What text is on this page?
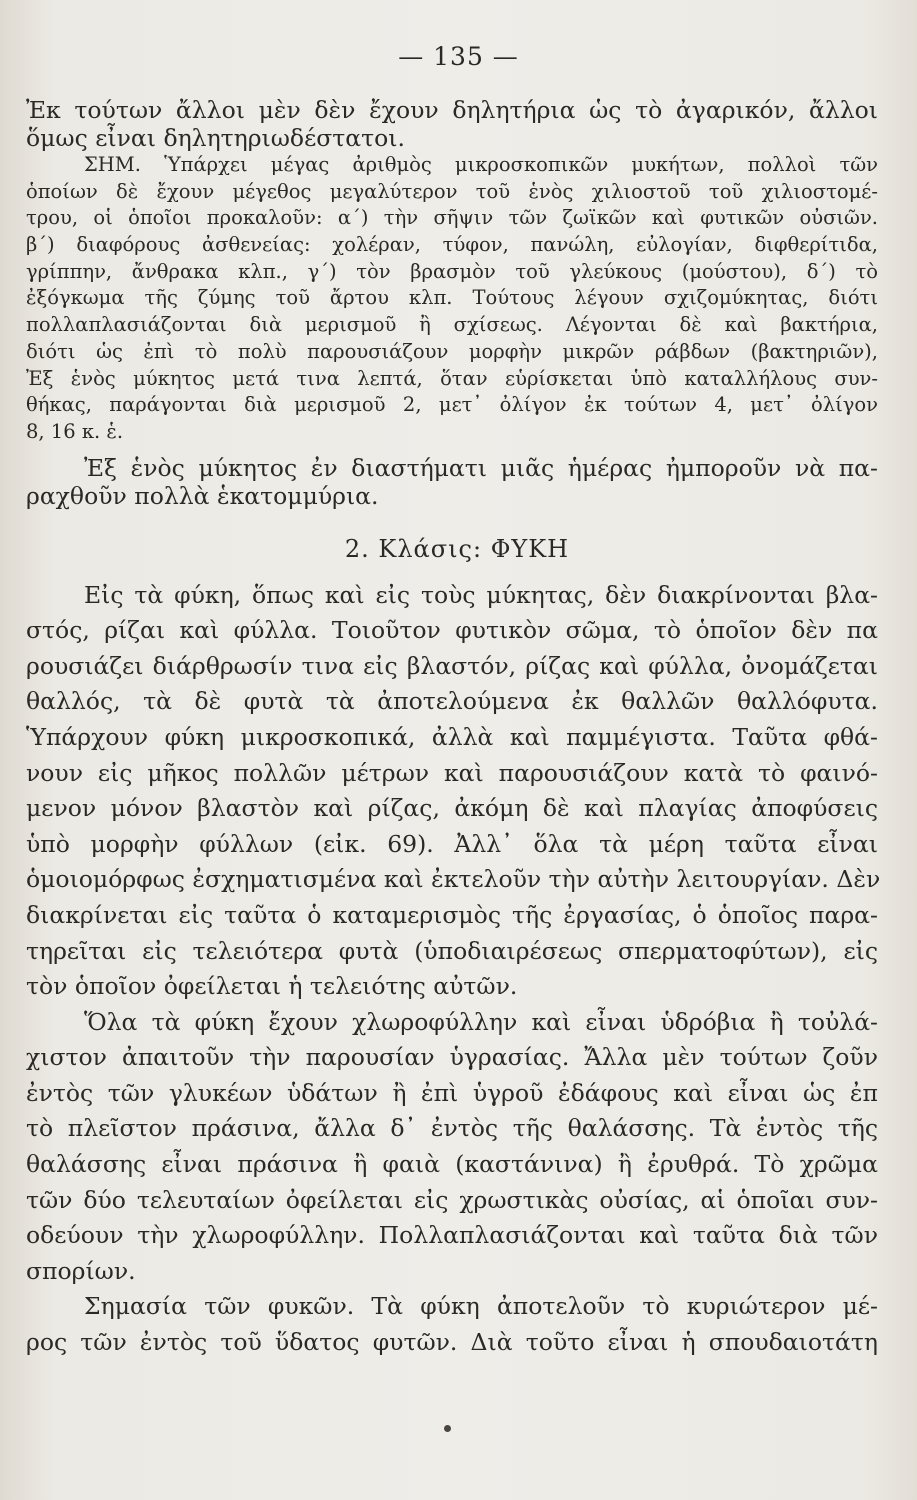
— 135 —
Ἐκ τούτων ἄλλοι μὲν δὲν ἔχουν δηλητήρια ὡς τὸ ἀγαρικόν, ἄλλοι
ὅμως εἶναι δηλητηριωδέστατοι.
ΣΗΜ. Ὑπάρχει μέγας ἀριθμὸς μικροσκοπικῶν μυκήτων, πολλοὶ τῶν
ὁποίων δὲ ἔχουν μέγεθος μεγαλύτερον τοῦ ἑνὸς χιλιοστοῦ τοῦ χιλιοστομέ-
τρου, οἱ ὁποῖοι προκαλοῦν: α΄) τὴν σῆψιν τῶν ζωϊκῶν καὶ φυτικῶν οὐσιῶν.
β΄) διαφόρους ἀσθενείας: χολέραν, τύφον, πανώλη, εὐλογίαν, διφθερίτιδα,
γρίππην, ἄνθρακα κλπ., γ΄) τὸν βρασμὸν τοῦ γλεύκους (μούστου), δ΄) τὸ
ἐξόγκωμα τῆς ζύμης τοῦ ἄρτου κλπ. Τούτους λέγουν σχιζομύκητας, διότι
πολλαπλασιάζονται διὰ μερισμοῦ ἢ σχίσεως. Λέγονται δὲ καὶ βακτήρια,
διότι ὡς ἐπὶ τὸ πολὺ παρουσιάζουν μορφὴν μικρῶν ράβδων (βακτηριῶν),
Ἐξ ἑνὸς μύκητος μετά τινα λεπτά, ὅταν εὑρίσκεται ὑπὸ καταλλήλους συν-
θήκας, παράγονται διὰ μερισμοῦ 2, μετ᾽ ὀλίγον ἐκ τούτων 4, μετ᾽ ὀλίγον
8, 16 κ. ἑ.
Ἐξ ἑνὸς μύκητος ἐν διαστήματι μιᾶς ἡμέρας ἠμποροῦν νὰ πα-
ραχθοῦν πολλὰ ἑκατομμύρια.
2. Κλάσις: ΦΥΚΗ
Εἰς τὰ φύκη, ὅπως καὶ εἰς τοὺς μύκητας, δὲν διακρίνονται βλα-
στός, ρίζαι καὶ φύλλα. Τοιοῦτον φυτικὸν σῶμα, τὸ ὁποῖον δὲν πα
ρουσιάζει διάρθρωσίν τινα εἰς βλαστόν, ρίζας καὶ φύλλα, ὀνομάζεται
θαλλός, τὰ δὲ φυτὰ τὰ ἀποτελούμενα ἐκ θαλλῶν θαλλόφυτα.
Ὑπάρχουν φύκη μικροσκοπικά, ἀλλὰ καὶ παμμέγιστα. Ταῦτα φθά-
νουν εἰς μῆκος πολλῶν μέτρων καὶ παρουσιάζουν κατὰ τὸ φαινό-
μενον μόνον βλαστὸν καὶ ρίζας, ἀκόμη δὲ καὶ πλαγίας ἀποφύσεις
ὑπὸ μορφὴν φύλλων (εἰκ. 69). Ἀλλ᾽ ὅλα τὰ μέρη ταῦτα εἶναι
ὁμοιομόρφως ἐσχηματισμένα καὶ ἐκτελοῦν τὴν αὐτὴν λειτουργίαν. Δὲν
διακρίνεται εἰς ταῦτα ὁ καταμερισμὸς τῆς ἐργασίας, ὁ ὁποῖος παρα-
τηρεῖται εἰς τελειότερα φυτὰ (ὑποδιαιρέσεως σπερματοφύτων), εἰς
τὸν ὁποῖον ὀφείλεται ἡ τελειότης αὐτῶν.
Ὅλα τὰ φύκη ἔχουν χλωροφύλλην καὶ εἶναι ὑδρόβια ἢ τοὐλά-
χιστον ἀπαιτοῦν τὴν παρουσίαν ὑγρασίας. Ἄλλα μὲν τούτων ζοῦν
ἐντὸς τῶν γλυκέων ὑδάτων ἢ ἐπὶ ὑγροῦ ἐδάφους καὶ εἶναι ὡς ἐπ
τὸ πλεῖστον πράσινα, ἄλλα δ᾽ ἐντὸς τῆς θαλάσσης. Τὰ ἐντὸς τῆς
θαλάσσης εἶναι πράσινα ἢ φαιὰ (καστάνινα) ἢ ἐρυθρά. Τὸ χρῶμα
τῶν δύο τελευταίων ὀφείλεται εἰς χρωστικὰς οὐσίας, αἱ ὁποῖαι συν-
οδεύουν τὴν χλωροφύλλην. Πολλαπλασιάζονται καὶ ταῦτα διὰ τῶν
σπορίων.
Σημασία τῶν φυκῶν. Τὰ φύκη ἀποτελοῦν τὸ κυριώτερον μέ-
ρος τῶν ἐντὸς τοῦ ὕδατος φυτῶν. Διὰ τοῦτο εἶναι ἡ σπουδαιοτάτη
